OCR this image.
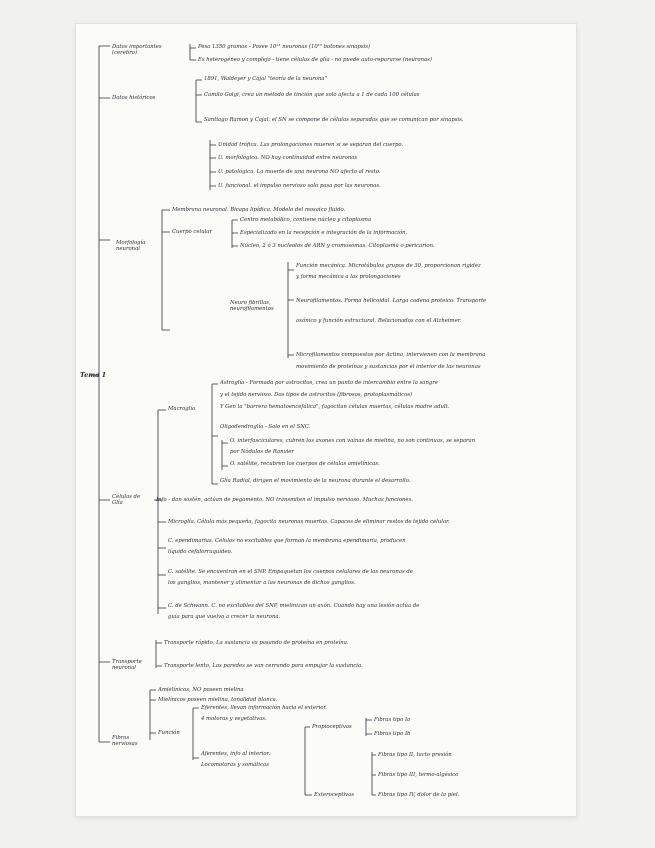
Tema 1
Datos importantes (cerebro)
Pesa 1350 gramos - Posee 10¹¹ neuronas (10¹⁵ botones sinapsis)
Es heterogéneo y complejo - tiene células de glía - no puede auto-repararse (neuronas)
Datos históricos
1891, Waldeyer y Cajal "teoría de la neurona"
Camilo Golgi, crea un método de tinción que solo afecta a 1 de cada 100 células
Santiago Ramon y Cajal: el SN se compone de células separadas que se comunican por sinapsis.
Unidad trófica. Las prolongaciones mueren si se separan del cuerpo.
U. morfológica. NO hay continuidad entre neuronas
U. patológica. La muerte de una neurona NO afecta al resto.
U. funcional. el impulso nervioso solo pasa por las neuronas.
Morfología neuronal
Membrana neuronal. Bicapa lipídica. Modelo del mosaico fluido.
Cuerpo celular
Centro metabólico, contiene núcleo y citoplasma
Especializado en la recepción e integración de la información.
Núcleo, 2 ó 3 nucleolos de ARN y cromosomas. Citoplasma o pericarion.
Neuro fibrillas, neurofilamentos
Función mecánica. Microtúbulos grupos de 30, proporcionan rigidez
y forma mecánica a las prolongaciones
Neurofilamentos. Forma helicoidal. Larga cadena proteica. Transporte
axónico y función estructural. Relacionados con el Alzheimer.
Microfilamentos compuestos por Actina, intervienen con la membrana
movimiento de proteínas y sustancias por el interior de las neuronas
Células de Glía
Macroglía
Astroglía - Formada por astrocitos, crea un punto de intercambio entre la sangre
y el tejido nervioso. Dos tipos de astrocitos (fibrosos, protoplasmáticos)
Y Gen la "barrera hematoencefálica", fagocitan células muertas, células madre adult.
Oligodendroglía - Solo en el SNC.
O. interfasciculares, cubren los axones con vainas de mielina, no son continuas, se separan
por Nódulos de Ranvier
O. satélite, recubren los cuerpos de células amielínicas.
Glía Radial, dirigen el movimiento de la neurona durante el desarrollo.
Info - dan sostén, actúan de pegamento. NO transmiten el impulso nervioso. Muchas funciones.
Microglía. Célula más pequeña, fagocita neuronas muertas. Capaces de eliminar restos de tejido celular.
C. ependimarias. Células no excitables que forman la membrana ependimaria, producen
líquido cefalorraquídeo.
C. satélite. Se encuentran en el SNP. Empaquetan los cuerpos celulares de las neuronas de
los ganglios, mantener y alimentar a las neuronas de dichos ganglios.
C. de Schwann. C. no excitables del SNP, mielinizan un axón. Cuando hay una lesión actúa de
guía para que vuelva a crecer la neurona.
Transporte neuronal
Transporte rápido, La sustancia va pasando de proteína en proteína.
Transporte lento, Las paredes se van cerrando para empujar la sustancia.
Fibras nerviosas
Amielínicos, NO poseen mielina
Mielínicos poseen mielina, tonalidad blanca.
Función
Eferentes, llevan información hacia el exterior.
4 motoras y vegetativas.
Aferentes, info al interior.
Locomotoras y somáticas
Propioceptivas
Exteroceptivas
Fibras tipo Ia
Fibras tipo Ib
Fibras tipo II, tacto presión
Fibras tipo III, termo-algésico
Fibras tipo IV, dolor de la piel.
